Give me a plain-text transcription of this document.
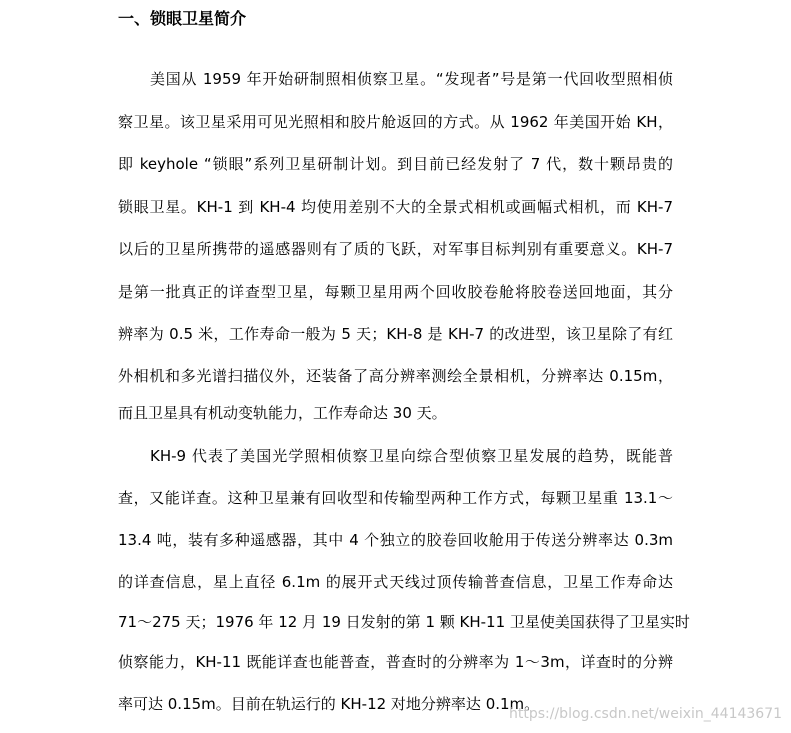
一、锁眼卫星简介
美国从 1959 年开始研制照相侦察卫星。“发现者”号是第一代回收型照相侦
察卫星。该卫星采用可见光照相和胶片舱返回的方式。从 1962 年美国开始 KH，
即 keyhole “锁眼”系列卫星研制计划。到目前已经发射了 7 代，数十颗昂贵的
锁眼卫星。KH-1 到 KH-4 均使用差别不大的全景式相机或画幅式相机，而 KH-7
以后的卫星所携带的遥感器则有了质的飞跃，对军事目标判别有重要意义。KH-7
是第一批真正的详查型卫星，每颗卫星用两个回收胶卷舱将胶卷送回地面，其分
辨率为 0.5 米，工作寿命一般为 5 天；KH-8 是 KH-7 的改进型，该卫星除了有红
外相机和多光谱扫描仪外，还装备了高分辨率测绘全景相机，分辨率达 0.15m，
而且卫星具有机动变轨能力，工作寿命达 30 天。
KH-9 代表了美国光学照相侦察卫星向综合型侦察卫星发展的趋势，既能普
查，又能详查。这种卫星兼有回收型和传输型两种工作方式，每颗卫星重 13.1～
13.4 吨，装有多种遥感器，其中 4 个独立的胶卷回收舱用于传送分辨率达 0.3m
的详查信息，星上直径 6.1m 的展开式天线过顶传输普查信息，卫星工作寿命达
71～275 天；1976 年 12 月 19 日发射的第 1 颗 KH-11 卫星使美国获得了卫星实时
侦察能力，KH-11 既能详查也能普查，普查时的分辨率为 1～3m，详查时的分辨
率可达 0.15m。目前在轨运行的 KH-12 对地分辨率达 0.1m。
https://blog.csdn.net/weixin_44143671
